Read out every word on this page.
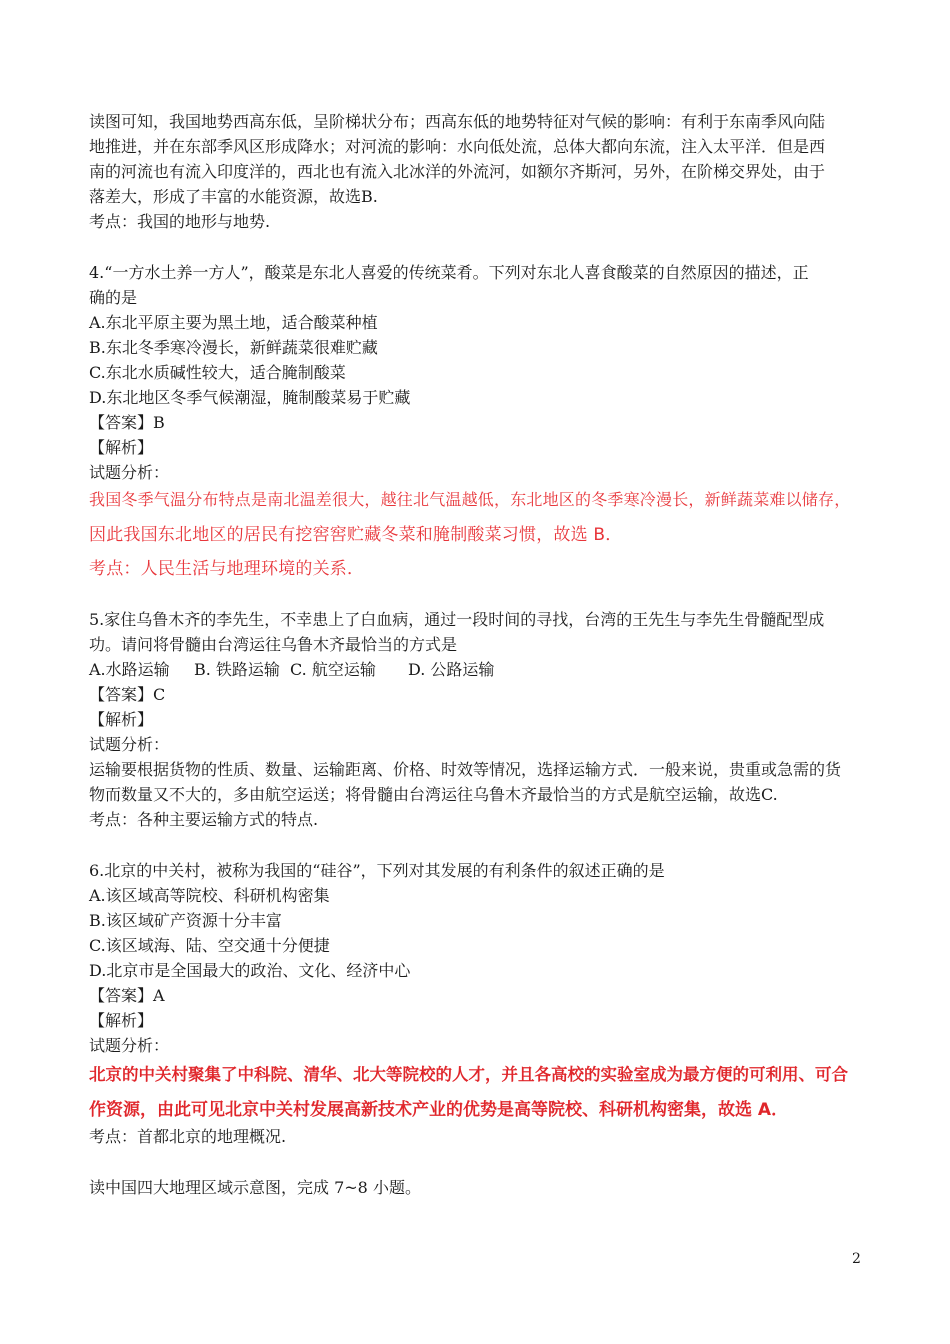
读图可知，我国地势西高东低，呈阶梯状分布；西高东低的地势特征对气候的影响：有利于东南季风向陆
地推进，并在东部季风区形成降水；对河流的影响：水向低处流，总体大都向东流，注入太平洋．但是西
南的河流也有流入印度洋的，西北也有流入北冰洋的外流河，如额尔齐斯河，另外，在阶梯交界处，由于
落差大，形成了丰富的水能资源，故选B.
考点：我国的地形与地势.
4.“一方水土养一方人”，酸菜是东北人喜爱的传统菜肴。下列对东北人喜食酸菜的自然原因的描述，正
确的是
A.东北平原主要为黑土地，适合酸菜种植
B.东北冬季寒冷漫长，新鲜蔬菜很难贮藏
C.东北水质碱性较大，适合腌制酸菜
D.东北地区冬季气候潮湿，腌制酸菜易于贮藏
【答案】B
【解析】
试题分析：
我国冬季气温分布特点是南北温差很大，越往北气温越低，东北地区的冬季寒冷漫长，新鲜蔬菜难以储存，
因此我国东北地区的居民有挖窖窖贮藏冬菜和腌制酸菜习惯，故选 B．
考点：人民生活与地理环境的关系．
5.家住乌鲁木齐的李先生，不幸患上了白血病，通过一段时间的寻找，台湾的王先生与李先生骨髓配型成
功。请问将骨髓由台湾运往乌鲁木齐最恰当的方式是
A.水路运输 B. 铁路运输 C. 航空运输 D. 公路运输
【答案】C
【解析】
试题分析：
运输要根据货物的性质、数量、运输距离、价格、时效等情况，选择运输方式．一般来说，贵重或急需的货
物而数量又不大的，多由航空运送；将骨髓由台湾运往乌鲁木齐最恰当的方式是航空运输，故选C.
考点：各种主要运输方式的特点.
6.北京的中关村，被称为我国的“硅谷”，下列对其发展的有利条件的叙述正确的是
A.该区域高等院校、科研机构密集
B.该区域矿产资源十分丰富
C.该区域海、陆、空交通十分便捷
D.北京市是全国最大的政治、文化、经济中心
【答案】A
【解析】
试题分析：
北京的中关村聚集了中科院、清华、北大等院校的人才，并且各高校的实验室成为最方便的可利用、可合
作资源，由此可见北京中关村发展高新技术产业的优势是高等院校、科研机构密集，故选 A．
考点：首都北京的地理概况.
读中国四大地理区域示意图，完成 7~8 小题。
2
